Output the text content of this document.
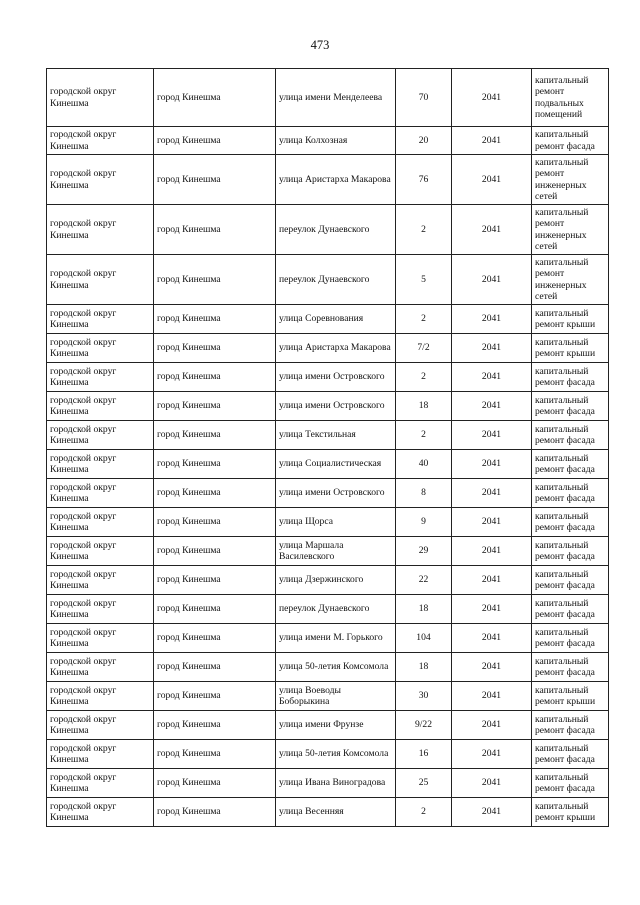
473
городской округ Кинешма	город Кинешма	улица имени Менделеева	70	2041	капитальный ремонт подвальных помещений
городской округ Кинешма	город Кинешма	улица Колхозная	20	2041	капитальный ремонт фасада
городской округ Кинешма	город Кинешма	улица Аристарха Макарова	76	2041	капитальный ремонт инженерных сетей
городской округ Кинешма	город Кинешма	переулок Дунаевского	2	2041	капитальный ремонт инженерных сетей
городской округ Кинешма	город Кинешма	переулок Дунаевского	5	2041	капитальный ремонт инженерных сетей
городской округ Кинешма	город Кинешма	улица Соревнования	2	2041	капитальный ремонт крыши
городской округ Кинешма	город Кинешма	улица Аристарха Макарова	7/2	2041	капитальный ремонт крыши
городской округ Кинешма	город Кинешма	улица имени Островского	2	2041	капитальный ремонт фасада
городской округ Кинешма	город Кинешма	улица имени Островского	18	2041	капитальный ремонт фасада
городской округ Кинешма	город Кинешма	улица Текстильная	2	2041	капитальный ремонт фасада
городской округ Кинешма	город Кинешма	улица Социалистическая	40	2041	капитальный ремонт фасада
городской округ Кинешма	город Кинешма	улица имени Островского	8	2041	капитальный ремонт фасада
городской округ Кинешма	город Кинешма	улица Щорса	9	2041	капитальный ремонт фасада
городской округ Кинешма	город Кинешма	улица Маршала Василевского	29	2041	капитальный ремонт фасада
городской округ Кинешма	город Кинешма	улица Дзержинского	22	2041	капитальный ремонт фасада
городской округ Кинешма	город Кинешма	переулок Дунаевского	18	2041	капитальный ремонт фасада
городской округ Кинешма	город Кинешма	улица имени М. Горького	104	2041	капитальный ремонт фасада
городской округ Кинешма	город Кинешма	улица 50-летия Комсомола	18	2041	капитальный ремонт фасада
городской округ Кинешма	город Кинешма	улица Воеводы Боборыкина	30	2041	капитальный ремонт крыши
городской округ Кинешма	город Кинешма	улица имени Фрунзе	9/22	2041	капитальный ремонт фасада
городской округ Кинешма	город Кинешма	улица 50-летия Комсомола	16	2041	капитальный ремонт фасада
городской округ Кинешма	город Кинешма	улица Ивана Виноградова	25	2041	капитальный ремонт фасада
городской округ Кинешма	город Кинешма	улица Весенняя	2	2041	капитальный ремонт крыши
